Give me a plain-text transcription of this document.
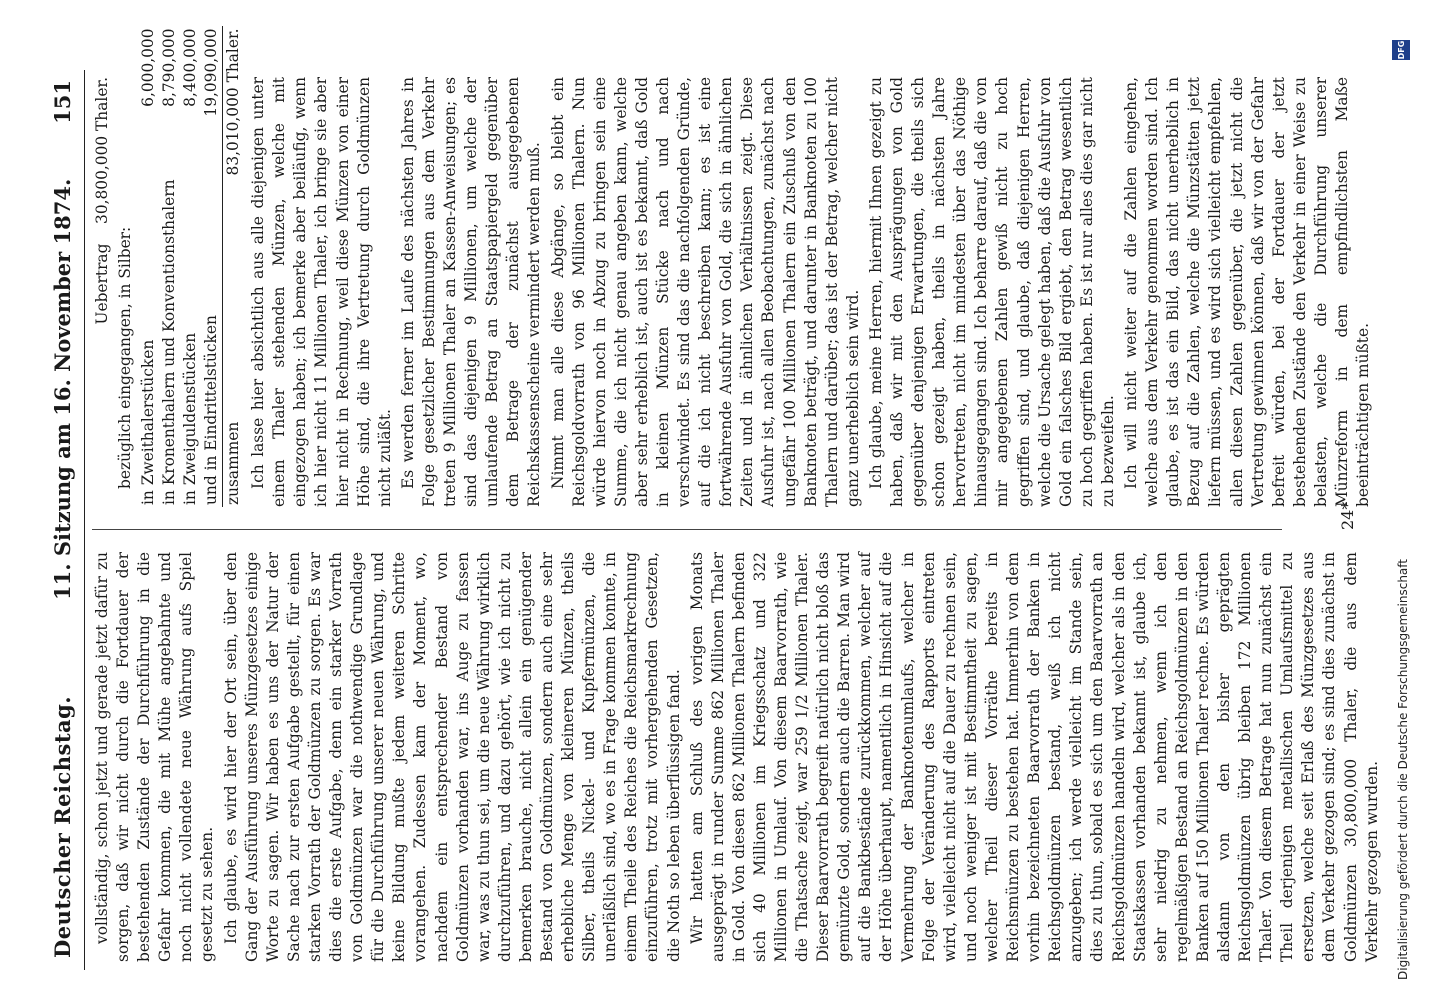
Deutscher Reichstag.
11. Sitzung am 16. November 1874.
151

vollständig, schon jetzt und gerade jetzt dafür zu sorgen, daß wir nicht durch die Fortdauer der bestehenden Zustände der Durchführung in die Gefahr kommen, die mit Mühe angebahnte und noch nicht vollendete neue Währung aufs Spiel gesetzt zu sehen. Ich glaube, es wird hier der Ort sein, über den Gang der Ausführung unseres Münzgesetzes einige Worte zu sagen. Wir haben es uns der Natur der Sache nach zur ersten Aufgabe gestellt, für einen starken Vorrath der Goldmünzen zu sorgen. Es war dies die erste Aufgabe, denn ein starker Vorrath von Goldmünzen war die nothwendige Grundlage für die Durchführung unserer neuen Währung, und keine Bildung mußte jedem weiteren Schritte vorangehen. Zudessen kam der Moment, wo, nachdem ein entsprechender Bestand von Goldmünzen vorhanden war, ins Auge zu fassen war, was zu thun sei, um die neue Währung wirklich durchzuführen, und dazu gehört, wie ich nicht zu bemerken brauche, nicht allein ein genügender Bestand von Goldmünzen, sondern auch eine sehr erhebliche Menge von kleineren Münzen, theils Silber, theils Nickel- und Kupfermünzen, die unerläßlich sind, wo es in Frage kommen konnte, in einem Theile des Reiches die Reichsmarkrechnung einzuführen, trotz mit vorhergehenden Gesetzen, die Noth so leben überflüssigen fand. Wir hatten am Schluß des vorigen Monats ausgeprägt in runder Summe 862 Millionen Thaler in Gold. Von diesen 862 Millionen Thalern befinden sich 40 Millionen im Kriegsschatz und 322 Millionen in Umlauf. Von diesem Baarvorrath, wie die Thatsache zeigt, war 259 1/2 Millionen Thaler. Dieser Baarvorrath begreift natürlich nicht bloß das gemünzte Gold, sondern auch die Barren. Man wird auf die Bankbestände zurückkommen, welcher auf der Höhe überhaupt, namentlich in Hinsicht auf die Vermehrung der Banknotenumlaufs, welcher in Folge der Veränderung des Rapports eintreten wird, vielleicht nicht auf die Dauer zu rechnen sein, und noch weniger ist mit Bestimmtheit zu sagen, welcher Theil dieser Vorräthe bereits in Reichsmünzen zu bestehen hat. Immerhin von dem vorhin bezeichneten Baarvorrath der Banken in Reichsgoldmünzen bestand, weiß ich nicht anzugeben; ich werde vielleicht im Stande sein, dies zu thun, sobald es sich um den Baarvorrath an Reichsgoldmünzen handeln wird, welcher als in den Staatskassen vorhanden bekannt ist, glaube ich, sehr niedrig zu nehmen, wenn ich den regelmäßigen Bestand an Reichsgoldmünzen in den Banken auf 150 Millionen Thaler rechne. Es würden alsdann von den bisher geprägten Reichsgoldmünzen übrig bleiben 172 Millionen Thaler. Von diesem Betrage hat nun zunächst ein Theil derjenigen metallischen Umlaufsmittel zu ersetzen, welche seit Erlaß des Münzgesetzes aus dem Verkehr gezogen sind; es sind dies zunächst in Goldmünzen 30,800,000 Thaler, die aus dem Verkehr gezogen wurden.

Uebertrag    30,800,000 Thaler.

bezüglich eingegangen, in Silber: in Zweithalerstücken	6,000,000
in Kronenthalern und Konventionsthalern	8,790,000
in Zweiguldenstücken	8,400,000
und in Eindrittelstücken	19,090,000
zusammen	83,010,000 Thaler. Ich lasse hier absichtlich aus alle diejenigen unter einem Thaler stehenden Münzen, welche mit eingezogen haben; ich bemerke aber beiläufig, wenn ich hier nicht 11 Millionen Thaler, ich bringe sie aber hier nicht in Rechnung, weil diese Münzen von einer Höhe sind, die ihre Vertretung durch Goldmünzen nicht zuläßt. Es werden ferner im Laufe des nächsten Jahres in Folge gesetzlicher Bestimmungen aus dem Verkehr treten 9 Millionen Thaler an Kassen-Anweisungen; es sind das diejenigen 9 Millionen, um welche der umlaufende Betrag an Staatspapiergeld gegenüber dem Betrage der zunächst ausgegebenen Reichskassenscheine vermindert werden muß. Nimmt man alle diese Abgänge, so bleibt ein Reichsgoldvorrath von 96 Millionen Thalern. Nun würde hiervon noch in Abzug zu bringen sein eine Summe, die ich nicht genau angeben kann, welche aber sehr erheblich ist, auch ist es bekannt, daß Gold in kleinen Münzen Stücke nach und nach verschwindet. Es sind das die nachfolgenden Gründe, auf die ich nicht beschreiben kann; es ist eine fortwährende Ausfuhr von Gold, die sich in ähnlichen Zeiten und in ähnlichen Verhältnissen zeigt. Diese Ausfuhr ist, nach allen Beobachtungen, zunächst nach ungefähr 100 Millionen Thalern ein Zuschuß von den Banknoten beträgt, und darunter in Banknoten zu 100 Thalern und darüber; das ist der Betrag, welcher nicht ganz unerheblich sein wird. Ich glaube, meine Herren, hiermit Ihnen gezeigt zu haben, daß wir mit den Ausprägungen von Gold gegenüber denjenigen Erwartungen, die theils sich schon gezeigt haben, theils in nächsten Jahre hervortreten, nicht im mindesten über das Nöthige hinausgegangen sind. Ich beharre darauf, daß die von mir angegebenen Zahlen gewiß nicht zu hoch gegriffen sind, und glaube, daß diejenigen Herren, welche die Ursache gelegt haben, daß die Ausfuhr von Gold ein falsches Bild ergiebt, den Betrag wesentlich zu hoch gegriffen haben. Es ist nur alles dies gar nicht zu bezweifeln. Ich will nicht weiter auf die Zahlen eingehen, welche aus dem Verkehr genommen worden sind. Ich glaube, es ist das ein Bild, das nicht unerheblich in Bezug auf die Zahlen, welche die Münzstätten jetzt liefern müssen, und es wird sich vielleicht empfehlen, allen diesen Zahlen gegenüber, die jetzt nicht die Vertretung gewinnen können, daß wir von der Gefahr befreit würden, bei der Fortdauer der jetzt bestehenden Zustände den Verkehr in einer Weise zu belasten, welche die Durchführung unserer Münzreform in dem empfindlichsten Maße beeinträchtigen müßte.

24*
Digitalisierung gefördert durch die Deutsche Forschungsgemeinschaft
DFG
